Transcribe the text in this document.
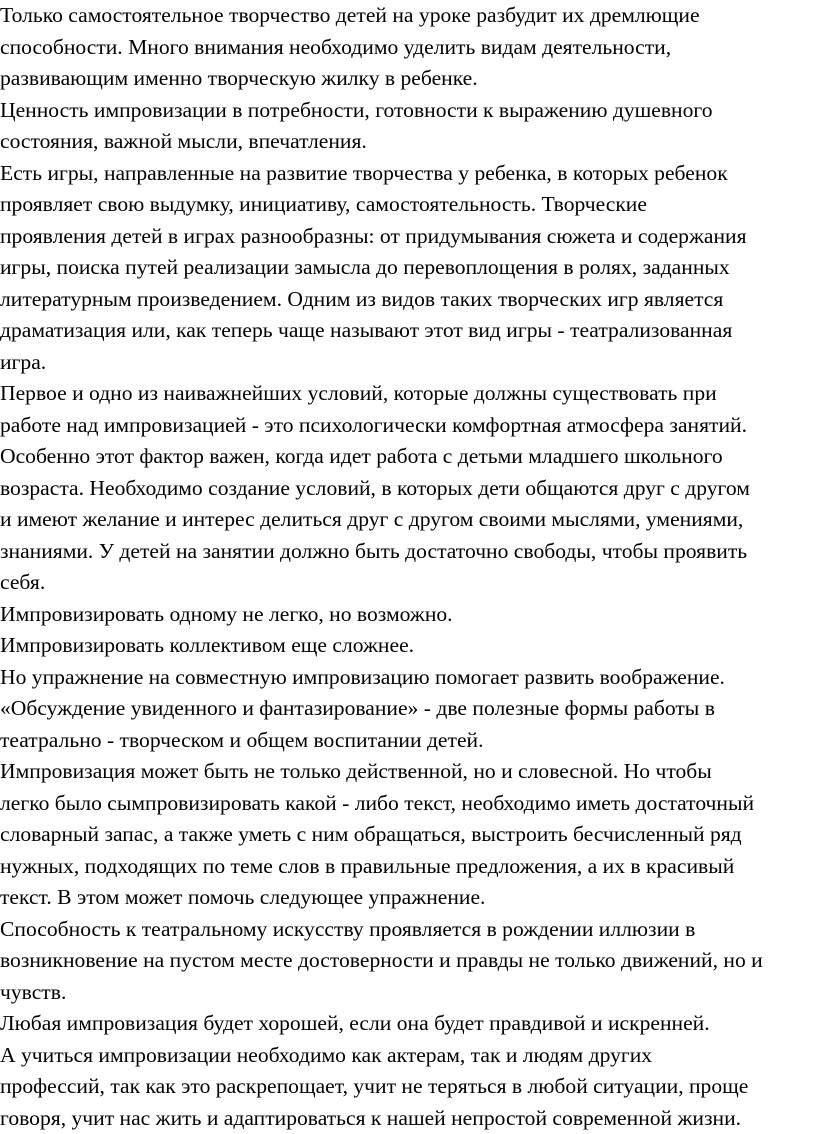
Только самостоятельное творчество детей на уроке разбудит их дремлющие
способности. Много внимания необходимо уделить видам деятельности,
развивающим именно творческую жилку в ребенке.

Ценность импровизации в потребности, готовности к выражению душевного
состояния, важной мысли, впечатления.

Есть игры, направленные на развитие творчества у ребенка, в которых ребенок
проявляет свою выдумку, инициативу, самостоятельность. Творческие
проявления детей в играх разнообразны: от придумывания сюжета и содержания
игры, поиска путей реализации замысла до перевоплощения в ролях, заданных
литературным произведением. Одним из видов таких творческих игр является
драматизация или, как теперь чаще называют этот вид игры - театрализованная
игра.

Первое и одно из наиважнейших условий, которые должны существовать при
работе над импровизацией - это психологически комфортная атмосфера занятий.
Особенно этот фактор важен, когда идет работа с детьми младшего школьного
возраста. Необходимо создание условий, в которых дети общаются друг с другом
и имеют желание и интерес делиться друг с другом своими мыслями, умениями,
знаниями. У детей на занятии должно быть достаточно свободы, чтобы проявить
себя.

Импровизировать одному не легко, но возможно.

Импровизировать коллективом еще сложнее.

Но упражнение на совместную импровизацию помогает развить воображение.

«Обсуждение увиденного и фантазирование» - две полезные формы работы в
театрально - творческом и общем воспитании детей.

Импровизация может быть не только действенной, но и словесной. Но чтобы
легко было сымпровизировать какой - либо текст, необходимо иметь достаточный
словарный запас, а также уметь с ним обращаться, выстроить бесчисленный ряд
нужных, подходящих по теме слов в правильные предложения, а их в красивый
текст. В этом может помочь следующее упражнение.

Способность к театральному искусству проявляется в рождении иллюзии в
возникновение на пустом месте достоверности и правды не только движений, но и
чувств.

Любая импровизация будет хорошей, если она будет правдивой и искренней.

А учиться импровизации необходимо как актерам, так и людям других
профессий, так как это раскрепощает, учит не теряться в любой ситуации, проще
говоря, учит нас жить и адаптироваться к нашей непростой современной жизни.
